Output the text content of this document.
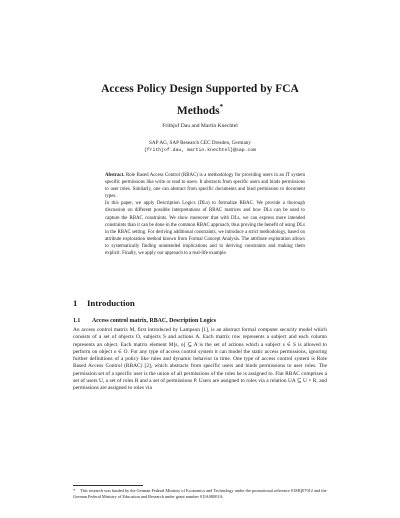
Access Policy Design Supported by FCA
Methods*
Frithjof Dau and Martin Knechtel
SAP AG, SAP Research CEC Dresden, Germany
{frithjof.dau, martin.knechtel}@sap.com

Abstract. Role Based Access Control (RBAC) is a methodology for providing users in an IT system specific permissions like write or read to users. It abstracts from specific users and binds permissions to user roles. Similarly, one can abstract from specific documents and bind permission to document types.

In this paper, we apply Description Logics (DLs) to formalize RBAC. We provide a thorough discussion on different possible interpretations of RBAC matrices and how DLs can be used to capture the RBAC constraints. We show moreover that with DLs, we can express more intended constraints than it can be done in the common RBAC approach, thus proving the benefit of using DLs in the RBAC setting. For deriving additional constraints, we introduce a strict methodology, based on attribute exploration method known from Formal Concept Analysis. The attribute exploration allows to systematically finding unintended implications and to deriving constraints and making them explicit. Finally, we apply our approach to a real-life example.

1 Introduction
1.1 Access control matrix, RBAC, Description Logics

An access control matrix M, first introduced by Lampson [1], is an abstract formal computer security model which consists of a set of objects O, subjects S and actions A. Each matrix row represents a subject and each column represents an object. Each matrix element M[s, o] ⊆ A is the set of actions which a subject s ∈ S is allowed to perform on object o ∈ O. For any type of access control system it can model the static access permissions, ignoring further definitions of a policy like rules and dynamic behavior in time. One type of access control system is Role Based Access Control (RBAC) [2], which abstracts from specific users and binds permissions to user roles. The permission set of a specific user is the union of all permissions of the roles he is assigned to. Flat RBAC comprises a set of users U, a set of roles R and a set of permissions P. Users are assigned to roles via a relation UA ⊆ U × R, and permissions are assigned to roles via

* This research was funded by the German Federal Ministry of Economics and Technology under the promotional reference 01MQ07012 and the German Federal Ministry of Education and Research under grant number 01IA08001A.
